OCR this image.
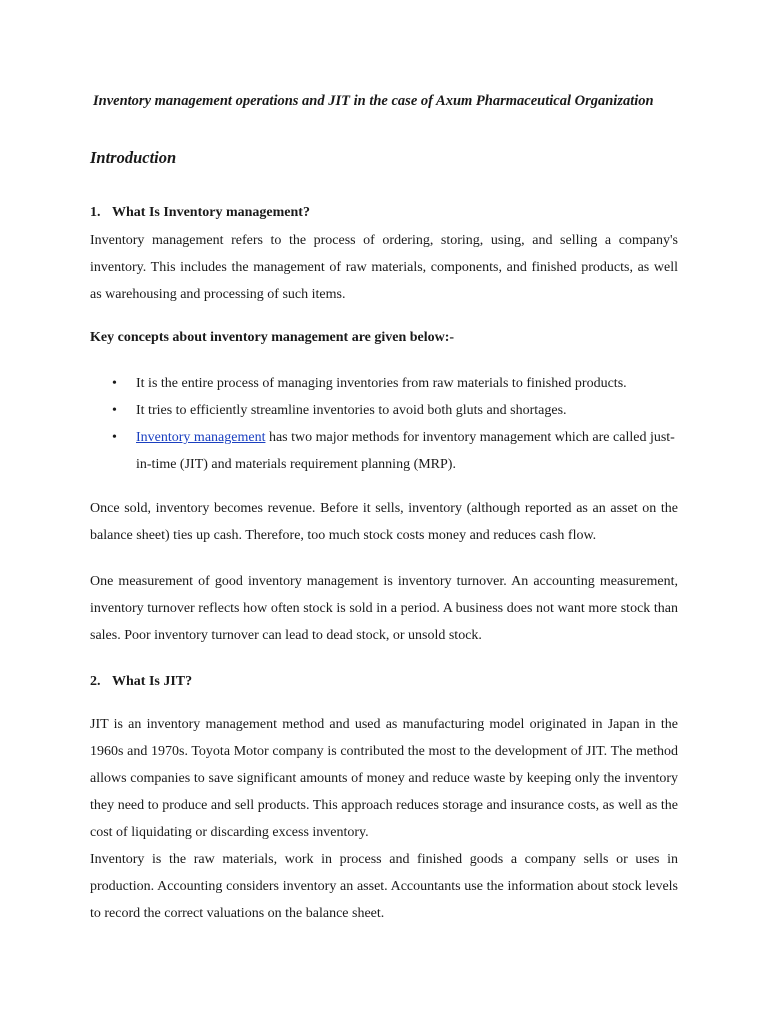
Inventory management operations and JIT in the case of Axum Pharmaceutical Organization
Introduction
1. What Is Inventory management?

Inventory management refers to the process of ordering, storing, using, and selling a company's inventory. This includes the management of raw materials, components, and finished products, as well as warehousing and processing of such items.

Key concepts about inventory management are given below:-

• It is the entire process of managing inventories from raw materials to finished products.
• It tries to efficiently streamline inventories to avoid both gluts and shortages.
• Inventory management has two major methods for inventory management which are called just-in-time (JIT) and materials requirement planning (MRP).

Once sold, inventory becomes revenue. Before it sells, inventory (although reported as an asset on the balance sheet) ties up cash. Therefore, too much stock costs money and reduces cash flow.

One measurement of good inventory management is inventory turnover. An accounting measurement, inventory turnover reflects how often stock is sold in a period. A business does not want more stock than sales. Poor inventory turnover can lead to dead stock, or unsold stock.

2. What Is JIT?

JIT is an inventory management method and used as manufacturing model originated in Japan in the 1960s and 1970s. Toyota Motor company is contributed the most to the development of JIT. The method allows companies to save significant amounts of money and reduce waste by keeping only the inventory they need to produce and sell products. This approach reduces storage and insurance costs, as well as the cost of liquidating or discarding excess inventory.

Inventory is the raw materials, work in process and finished goods a company sells or uses in production. Accounting considers inventory an asset. Accountants use the information about stock levels to record the correct valuations on the balance sheet.
